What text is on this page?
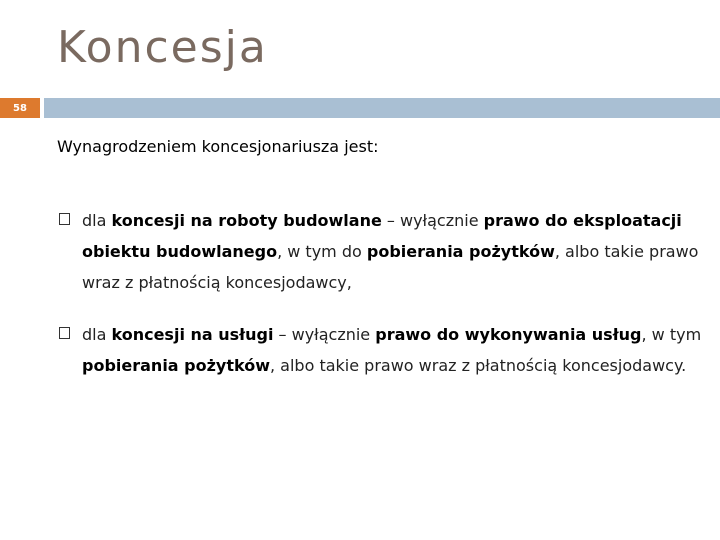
Koncesja
58
Wynagrodzeniem koncesjonariusza jest:
dla koncesji na roboty budowlane – wyłącznie prawo do eksploatacji obiektu budowlanego, w tym do pobierania pożytków, albo takie prawo wraz z płatnością koncesjodawcy,
dla koncesji na usługi – wyłącznie prawo do wykonywania usług, w tym pobierania pożytków, albo takie prawo wraz z płatnością koncesjodawcy.
